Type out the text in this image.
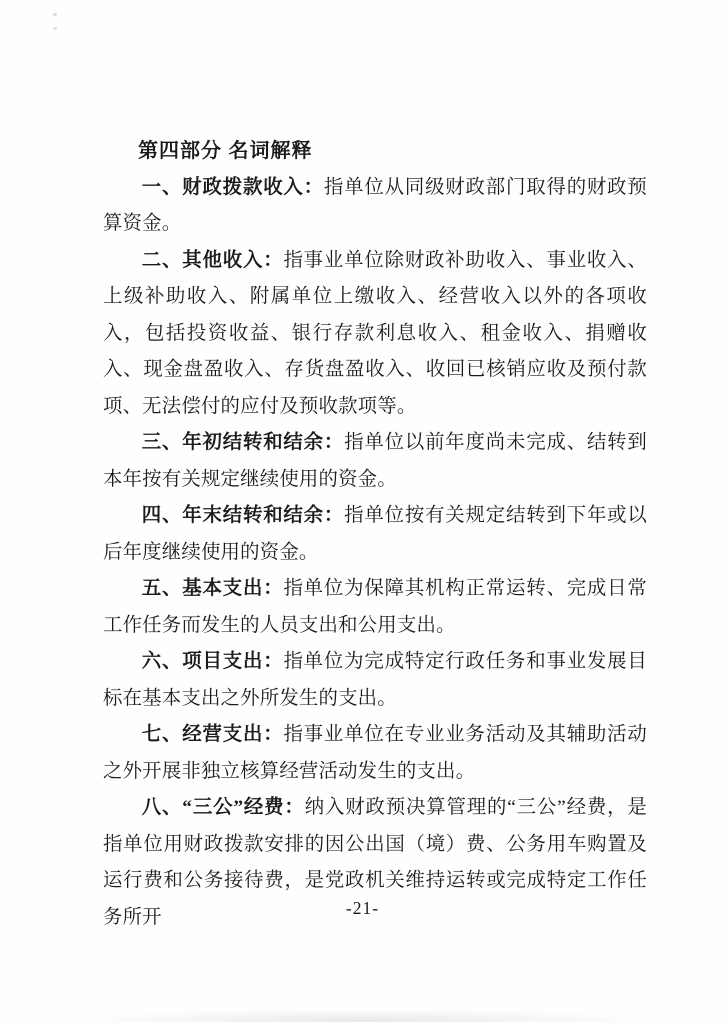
第四部分 名词解释

一、财政拨款收入：指单位从同级财政部门取得的财政预算资金。

二、其他收入：指事业单位除财政补助收入、事业收入、上级补助收入、附属单位上缴收入、经营收入以外的各项收入，包括投资收益、银行存款利息收入、租金收入、捐赠收入、现金盘盈收入、存货盘盈收入、收回已核销应收及预付款项、无法偿付的应付及预收款项等。

三、年初结转和结余：指单位以前年度尚未完成、结转到本年按有关规定继续使用的资金。

四、年末结转和结余：指单位按有关规定结转到下年或以后年度继续使用的资金。

五、基本支出：指单位为保障其机构正常运转、完成日常工作任务而发生的人员支出和公用支出。

六、项目支出：指单位为完成特定行政任务和事业发展目标在基本支出之外所发生的支出。

七、经营支出：指事业单位在专业业务活动及其辅助活动之外开展非独立核算经营活动发生的支出。

八、“三公”经费：纳入财政预决算管理的“三公”经费，是指单位用财政拨款安排的因公出国（境）费、公务用车购置及运行费和公务接待费，是党政机关维持运转或完成特定工作任务所开	-21-
